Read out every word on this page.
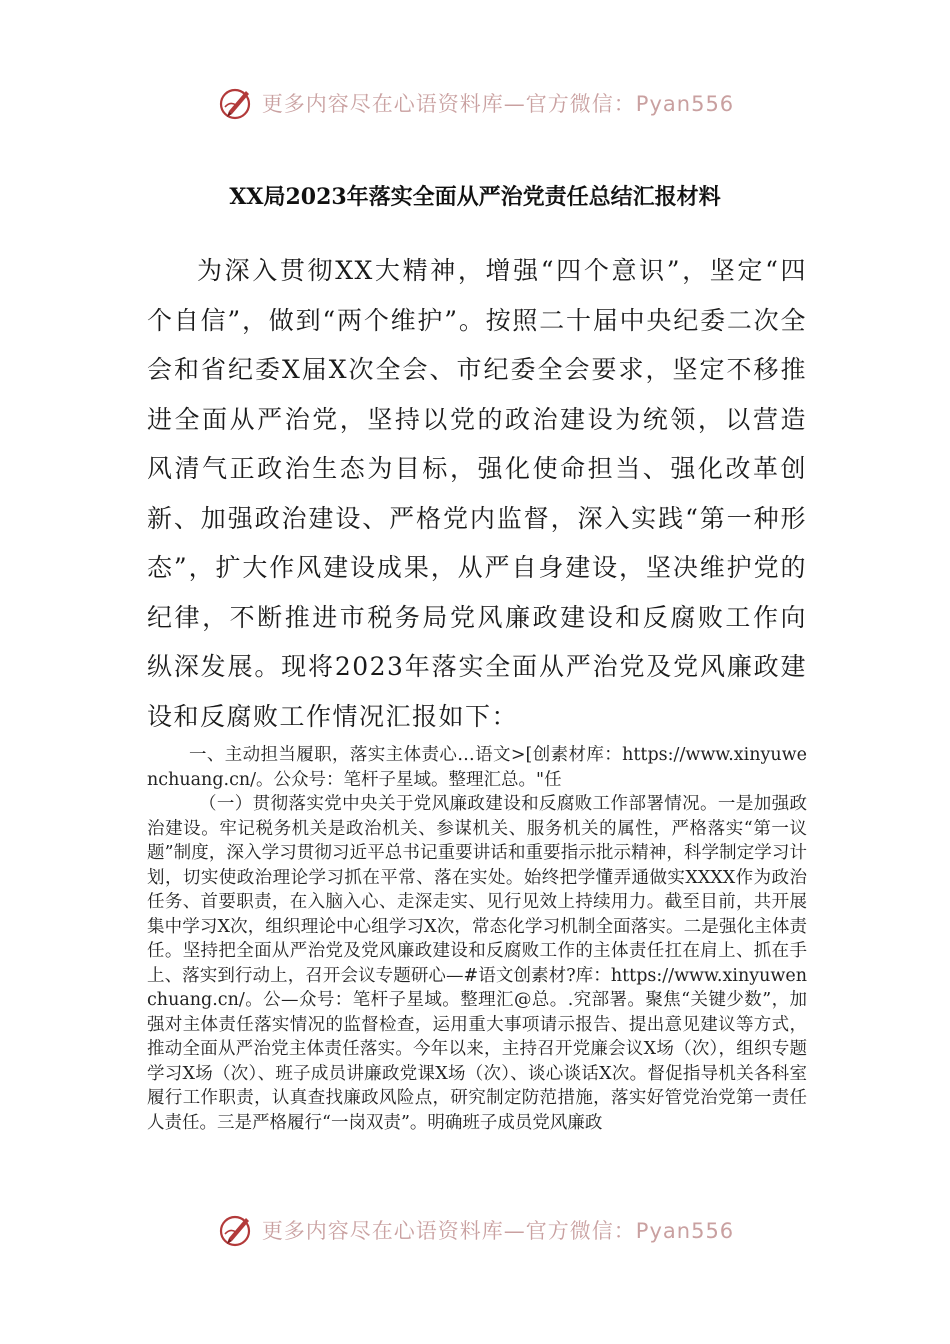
更多内容尽在心语资料库—官方微信：Pyan556
XX局2023年落实全面从严治党责任总结汇报材料

为深入贯彻XX大精神，增强“四个意识”，坚定“四个自信”，做到“两个维护”。按照二十届中央纪委二次全会和省纪委X届X次全会、市纪委全会要求，坚定不移推进全面从严治党，坚持以党的政治建设为统领，以营造风清气正政治生态为目标，强化使命担当、强化改革创新、加强政治建设、严格党内监督，深入实践“第一种形态”，扩大作风建设成果，从严自身建设，坚决维护党的纪律，不断推进市税务局党风廉政建设和反腐败工作向纵深发展。现将2023年落实全面从严治党及党风廉政建设和反腐败工作情况汇报如下：

一、主动担当履职，落实主体责心…语文>[创素材库：https://www.xinyuwenchuang.cn/。公众号：笔杆子星域。整理汇总。"任

（一）贯彻落实党中央关于党风廉政建设和反腐败工作部署情况。一是加强政治建设。牢记税务机关是政治机关、参谋机关、服务机关的属性，严格落实“第一议题”制度，深入学习贯彻习近平总书记重要讲话和重要指示批示精神，科学制定学习计划，切实使政治理论学习抓在平常、落在实处。始终把学懂弄通做实XXXX作为政治任务、首要职责，在入脑入心、走深走实、见行见效上持续用力。截至目前，共开展集中学习X次，组织理论中心组学习X次，常态化学习机制全面落实。二是强化主体责任。坚持把全面从严治党及党风廉政建设和反腐败工作的主体责任扛在肩上、抓在手上、落实到行动上，召开会议专题研心—#语文创素材?库：https://www.xinyuwenchuang.cn/。公—众号：笔杆子星域。整理汇@总。.究部署。聚焦“关键少数”，加强对主体责任落实情况的监督检查，运用重大事项请示报告、提出意见建议等方式，推动全面从严治党主体责任落实。今年以来，主持召开党廉会议X场（次），组织专题学习X场（次）、班子成员讲廉政党课X场（次）、谈心谈话X次。督促指导机关各科室履行工作职责，认真查找廉政风险点，研究制定防范措施，落实好管党治党第一责任人责任。三是严格履行“一岗双责”。明确班子成员党风廉政

更多内容尽在心语资料库—官方微信：Pyan556
